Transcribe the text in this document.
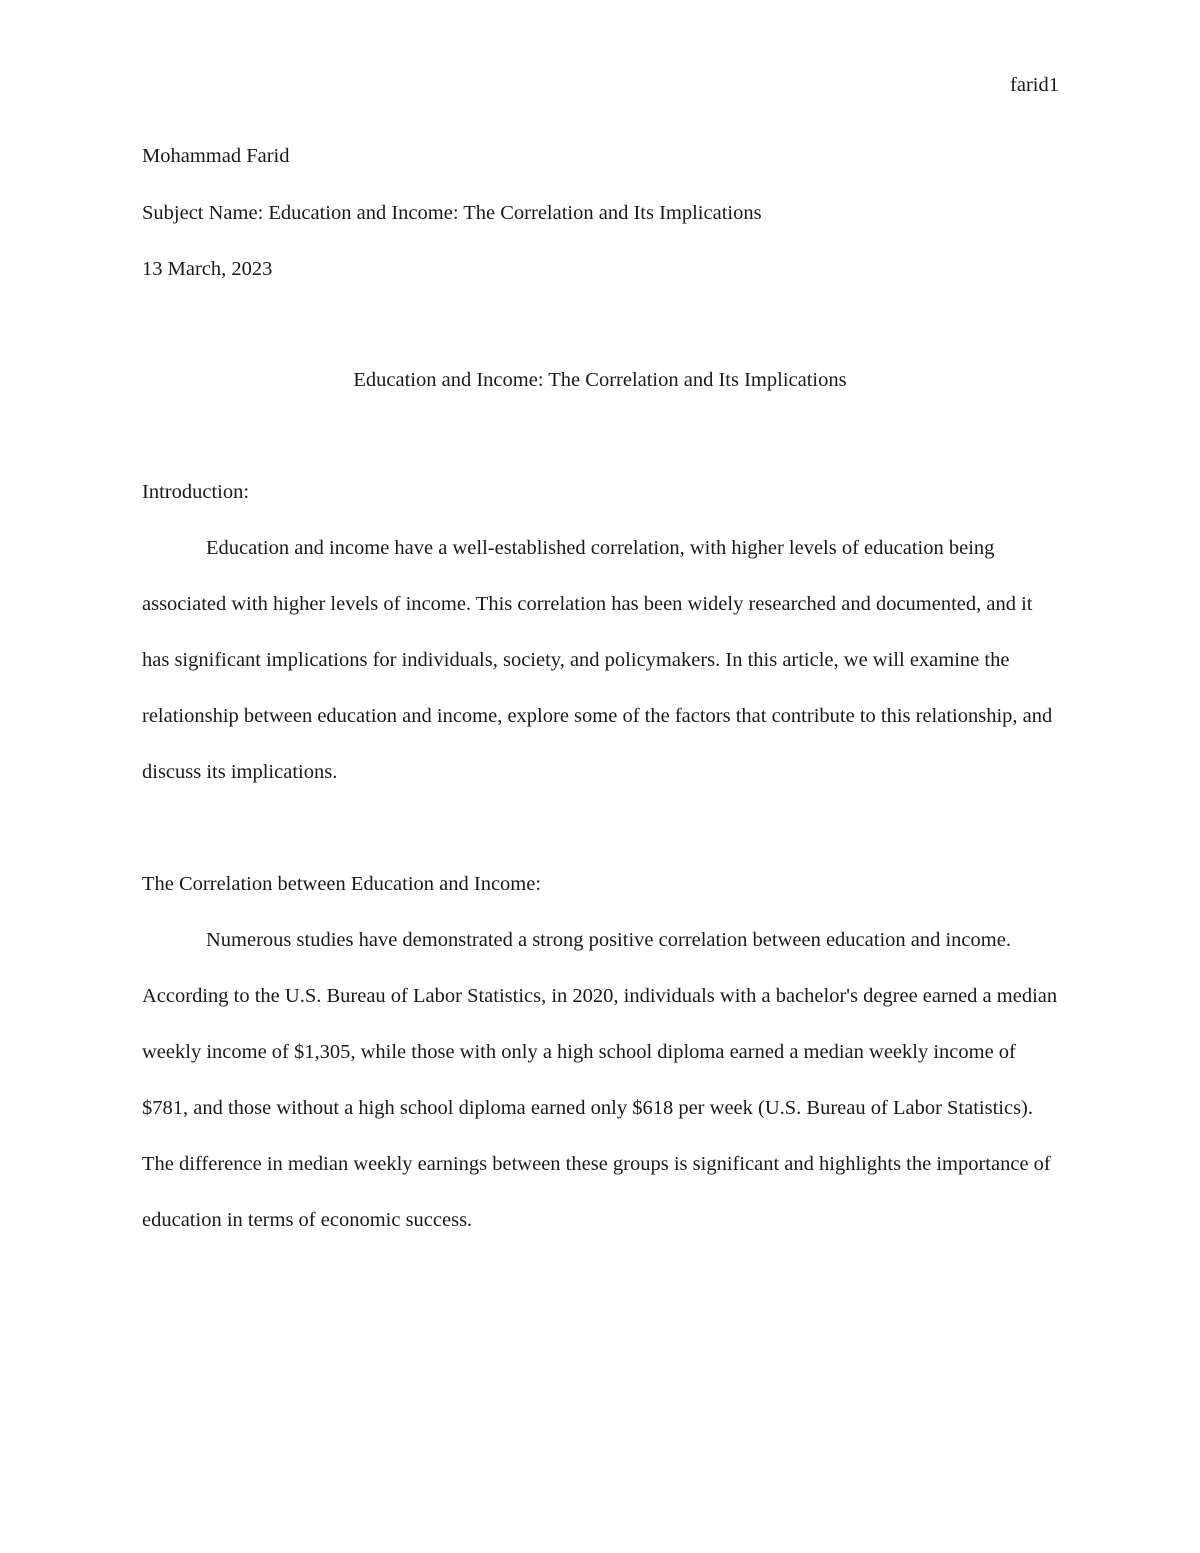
farid1
Mohammad Farid
Subject Name: Education and Income: The Correlation and Its Implications
13 March, 2023
Education and Income: The Correlation and Its Implications
Introduction:

Education and income have a well-established correlation, with higher levels of education being associated with higher levels of income. This correlation has been widely researched and documented, and it has significant implications for individuals, society, and policymakers. In this article, we will examine the relationship between education and income, explore some of the factors that contribute to this relationship, and discuss its implications.

The Correlation between Education and Income:

Numerous studies have demonstrated a strong positive correlation between education and income. According to the U.S. Bureau of Labor Statistics, in 2020, individuals with a bachelor's degree earned a median weekly income of $1,305, while those with only a high school diploma earned a median weekly income of $781, and those without a high school diploma earned only $618 per week (U.S. Bureau of Labor Statistics). The difference in median weekly earnings between these groups is significant and highlights the importance of education in terms of economic success.
